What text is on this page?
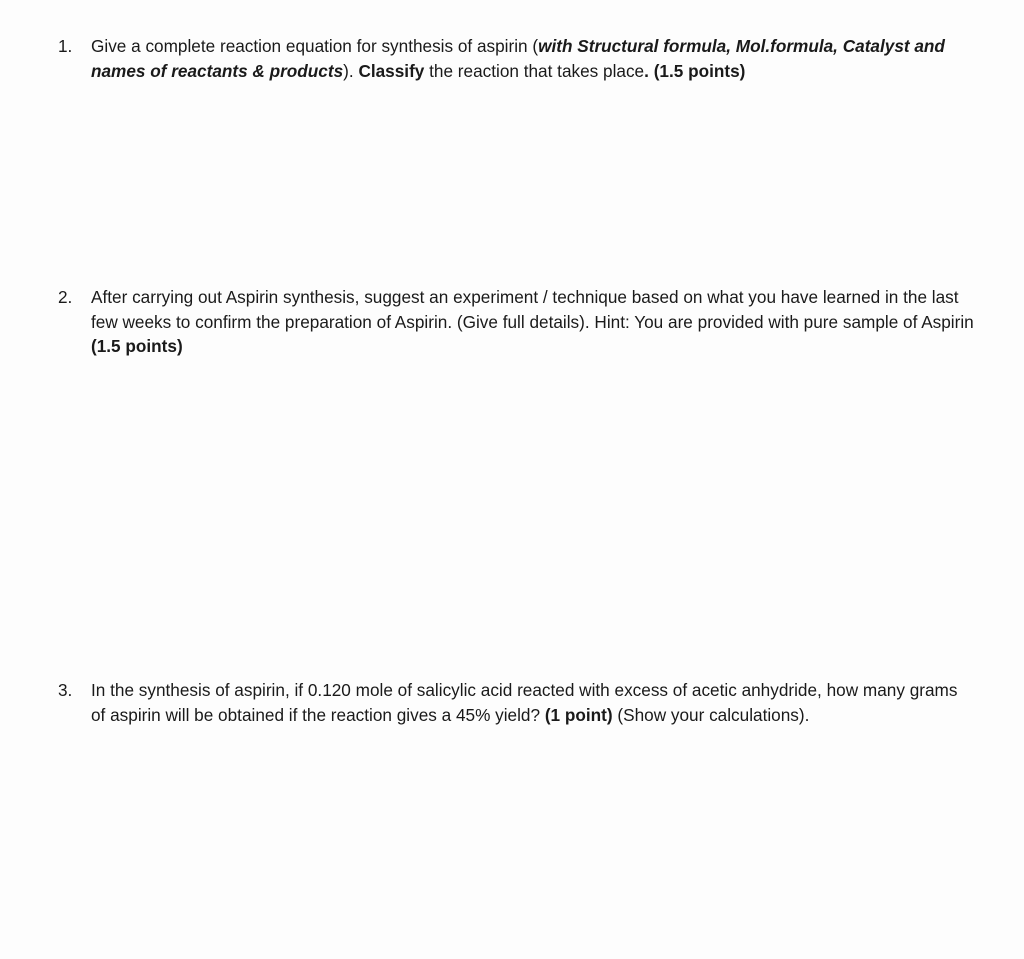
1.	Give a complete reaction equation for synthesis of aspirin (with Structural formula, Mol.formula, Catalyst and names of reactants & products). Classify the reaction that takes place. (1.5 points)
2.	After carrying out Aspirin synthesis, suggest an experiment / technique based on what you have learned in the last few weeks to confirm the preparation of Aspirin. (Give full details). Hint: You are provided with pure sample of Aspirin (1.5 points)
3.	In the synthesis of aspirin, if 0.120 mole of salicylic acid reacted with excess of acetic anhydride, how many grams of aspirin will be obtained if the reaction gives a 45% yield? (1 point) (Show your calculations).
